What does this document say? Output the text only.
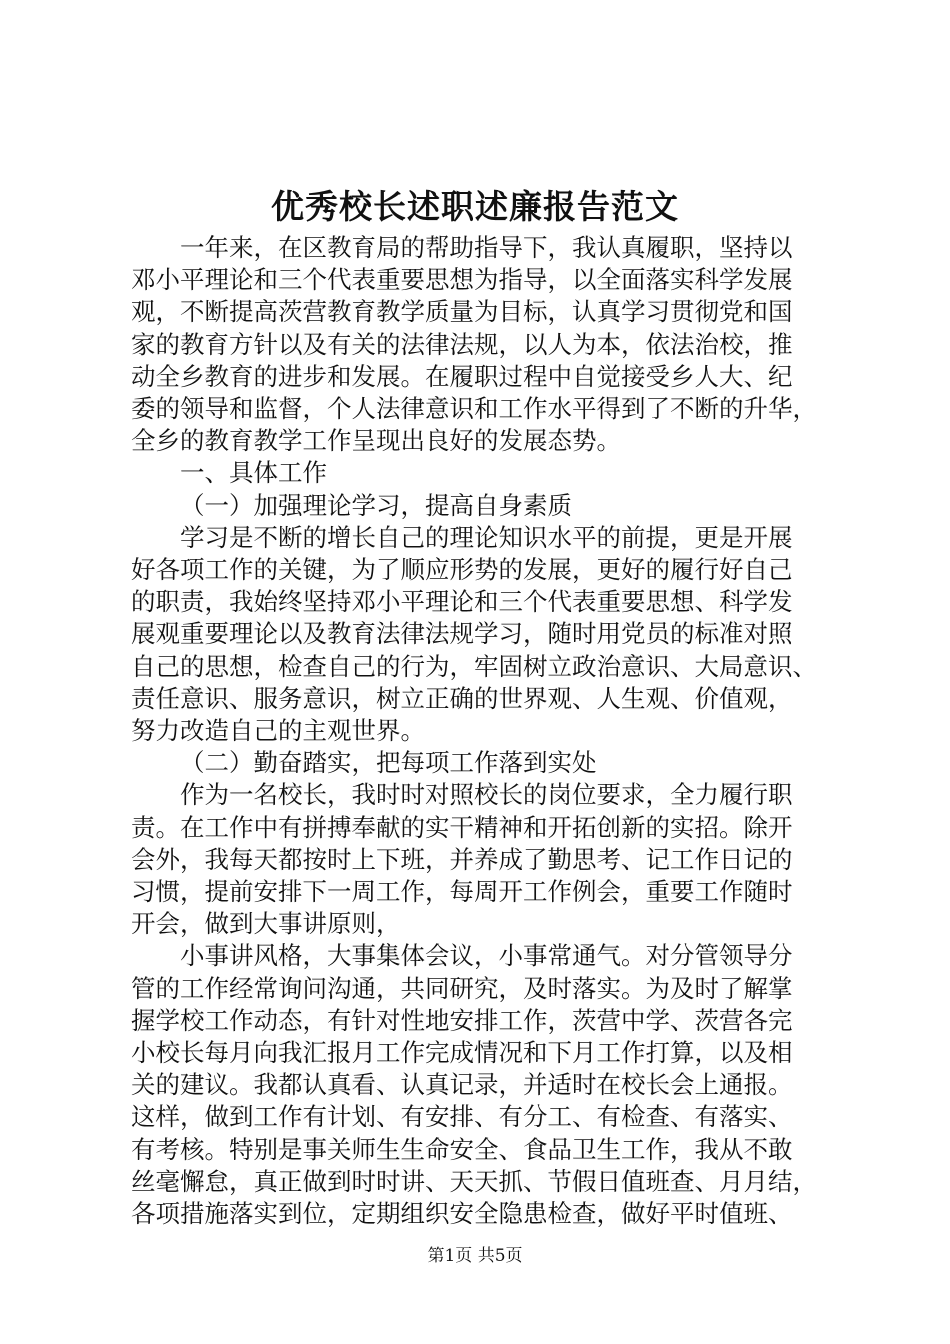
优秀校长述职述廉报告范文

一年来，在区教育局的帮助指导下，我认真履职，坚持以
邓小平理论和三个代表重要思想为指导，以全面落实科学发展
观，不断提高茨营教育教学质量为目标，认真学习贯彻党和国
家的教育方针以及有关的法律法规，以人为本，依法治校，推
动全乡教育的进步和发展。在履职过程中自觉接受乡人大、纪
委的领导和监督，个人法律意识和工作水平得到了不断的升华，
全乡的教育教学工作呈现出良好的发展态势。

一、具体工作

（一）加强理论学习，提高自身素质

学习是不断的增长自己的理论知识水平的前提，更是开展
好各项工作的关键，为了顺应形势的发展，更好的履行好自己
的职责，我始终坚持邓小平理论和三个代表重要思想、科学发
展观重要理论以及教育法律法规学习，随时用党员的标准对照
自己的思想，检查自己的行为，牢固树立政治意识、大局意识、
责任意识、服务意识，树立正确的世界观、人生观、价值观，
努力改造自己的主观世界。

（二）勤奋踏实，把每项工作落到实处

作为一名校长，我时时对照校长的岗位要求，全力履行职
责。在工作中有拼搏奉献的实干精神和开拓创新的实招。除开
会外，我每天都按时上下班，并养成了勤思考、记工作日记的
习惯，提前安排下一周工作，每周开工作例会，重要工作随时
开会，做到大事讲原则，

小事讲风格，大事集体会议，小事常通气。对分管领导分
管的工作经常询问沟通，共同研究，及时落实。为及时了解掌
握学校工作动态，有针对性地安排工作，茨营中学、茨营各完
小校长每月向我汇报月工作完成情况和下月工作打算，以及相
关的建议。我都认真看、认真记录，并适时在校长会上通报。
这样，做到工作有计划、有安排、有分工、有检查、有落实、
有考核。特别是事关师生生命安全、食品卫生工作，我从不敢
丝毫懈怠，真正做到时时讲、天天抓、节假日值班查、月月结，
各项措施落实到位，定期组织安全隐患检查，做好平时值班、

第1页 共5页
